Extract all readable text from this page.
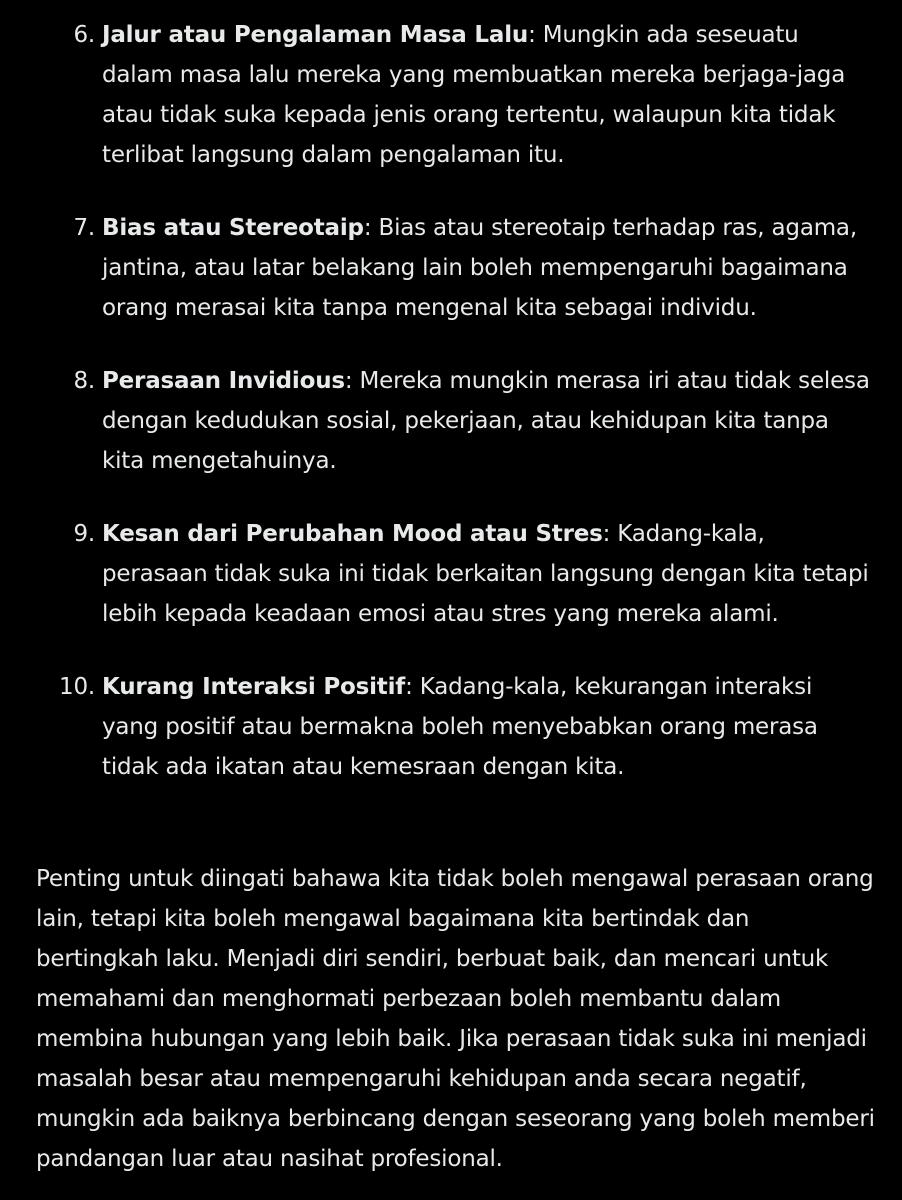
6. Jalur atau Pengalaman Masa Lalu: Mungkin ada seseuatu dalam masa lalu mereka yang membuatkan mereka berjaga-jaga atau tidak suka kepada jenis orang tertentu, walaupun kita tidak terlibat langsung dalam pengalaman itu.
7. Bias atau Stereotaip: Bias atau stereotaip terhadap ras, agama, jantina, atau latar belakang lain boleh mempengaruhi bagaimana orang merasai kita tanpa mengenal kita sebagai individu.
8. Perasaan Invidious: Mereka mungkin merasa iri atau tidak selesa dengan kedudukan sosial, pekerjaan, atau kehidupan kita tanpa kita mengetahuinya.
9. Kesan dari Perubahan Mood atau Stres: Kadang-kala, perasaan tidak suka ini tidak berkaitan langsung dengan kita tetapi lebih kepada keadaan emosi atau stres yang mereka alami.
10. Kurang Interaksi Positif: Kadang-kala, kekurangan interaksi yang positif atau bermakna boleh menyebabkan orang merasa tidak ada ikatan atau kemesraan dengan kita.

Penting untuk diingati bahawa kita tidak boleh mengawal perasaan orang lain, tetapi kita boleh mengawal bagaimana kita bertindak dan bertingkah laku. Menjadi diri sendiri, berbuat baik, dan mencari untuk memahami dan menghormati perbezaan boleh membantu dalam membina hubungan yang lebih baik. Jika perasaan tidak suka ini menjadi masalah besar atau mempengaruhi kehidupan anda secara negatif, mungkin ada baiknya berbincang dengan seseorang yang boleh memberi pandangan luar atau nasihat profesional.
